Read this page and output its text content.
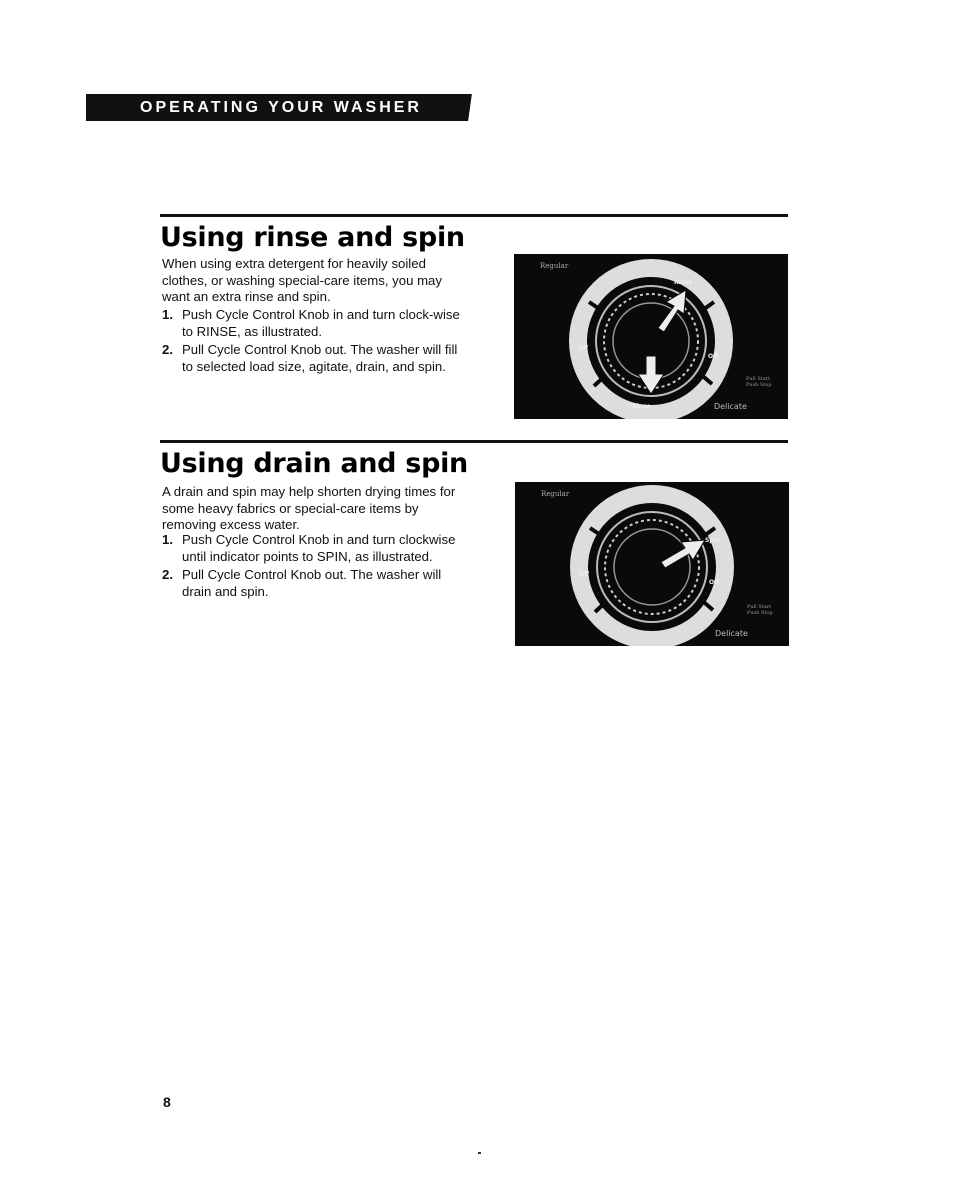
OPERATING YOUR WASHER
Using rinse and spin

When using extra detergent for heavily soiled clothes, or washing special-care items, you may want an extra rinse and spin.

1. Push Cycle Control Knob in and turn clock-wise to RINSE, as illustrated.
2. Pull Cycle Control Knob out. The washer will fill to selected load size, agitate, drain, and spin.
Regular
Pull Start
Push Stop
Delicate
Off
Off
Rinse
Rinse
Using drain and spin

A drain and spin may help shorten drying times for some heavy fabrics or special-care items by removing excess water.

1. Push Cycle Control Knob in and turn clockwise until indicator points to SPIN, as illustrated.
2. Pull Cycle Control Knob out. The washer will drain and spin.
Regular
Pull Start
Push Stop
Delicate
Off
Off
Spin
8
